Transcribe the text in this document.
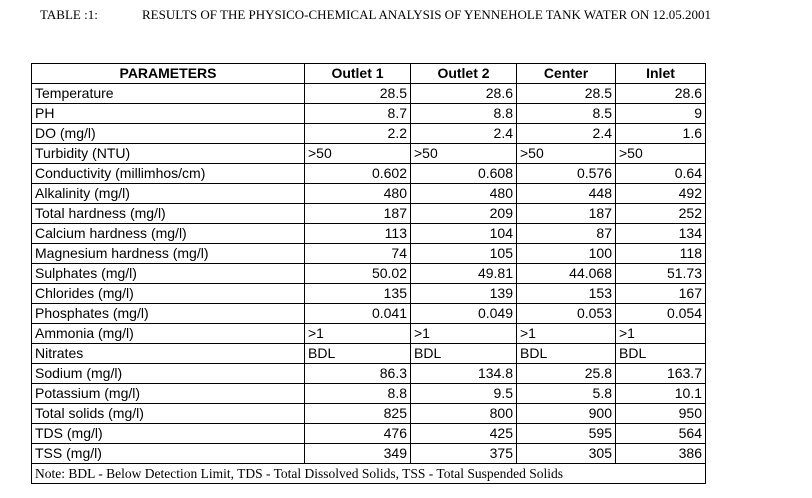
TABLE :1:	RESULTS OF THE PHYSICO-CHEMICAL ANALYSIS OF YENNEHOLE TANK WATER ON 12.05.2001
PARAMETERS	Outlet 1	Outlet 2	Center	Inlet
Temperature	28.5	28.6	28.5	28.6
PH	8.7	8.8	8.5	9
DO (mg/l)	2.2	2.4	2.4	1.6
Turbidity (NTU)	>50	>50	>50	>50
Conductivity (millimhos/cm)	0.602	0.608	0.576	0.64
Alkalinity (mg/l)	480	480	448	492
Total hardness (mg/l)	187	209	187	252
Calcium hardness (mg/l)	113	104	87	134
Magnesium hardness (mg/l)	74	105	100	118
Sulphates (mg/l)	50.02	49.81	44.068	51.73
Chlorides (mg/l)	135	139	153	167
Phosphates (mg/l)	0.041	0.049	0.053	0.054
Ammonia (mg/l)	>1	>1	>1	>1
Nitrates	BDL	BDL	BDL	BDL
Sodium (mg/l)	86.3	134.8	25.8	163.7
Potassium (mg/l)	8.8	9.5	5.8	10.1
Total solids (mg/l)	825	800	900	950
TDS (mg/l)	476	425	595	564
TSS (mg/l)	349	375	305	386
Note: BDL - Below Detection Limit, TDS - Total Dissolved Solids, TSS - Total Suspended Solids				
